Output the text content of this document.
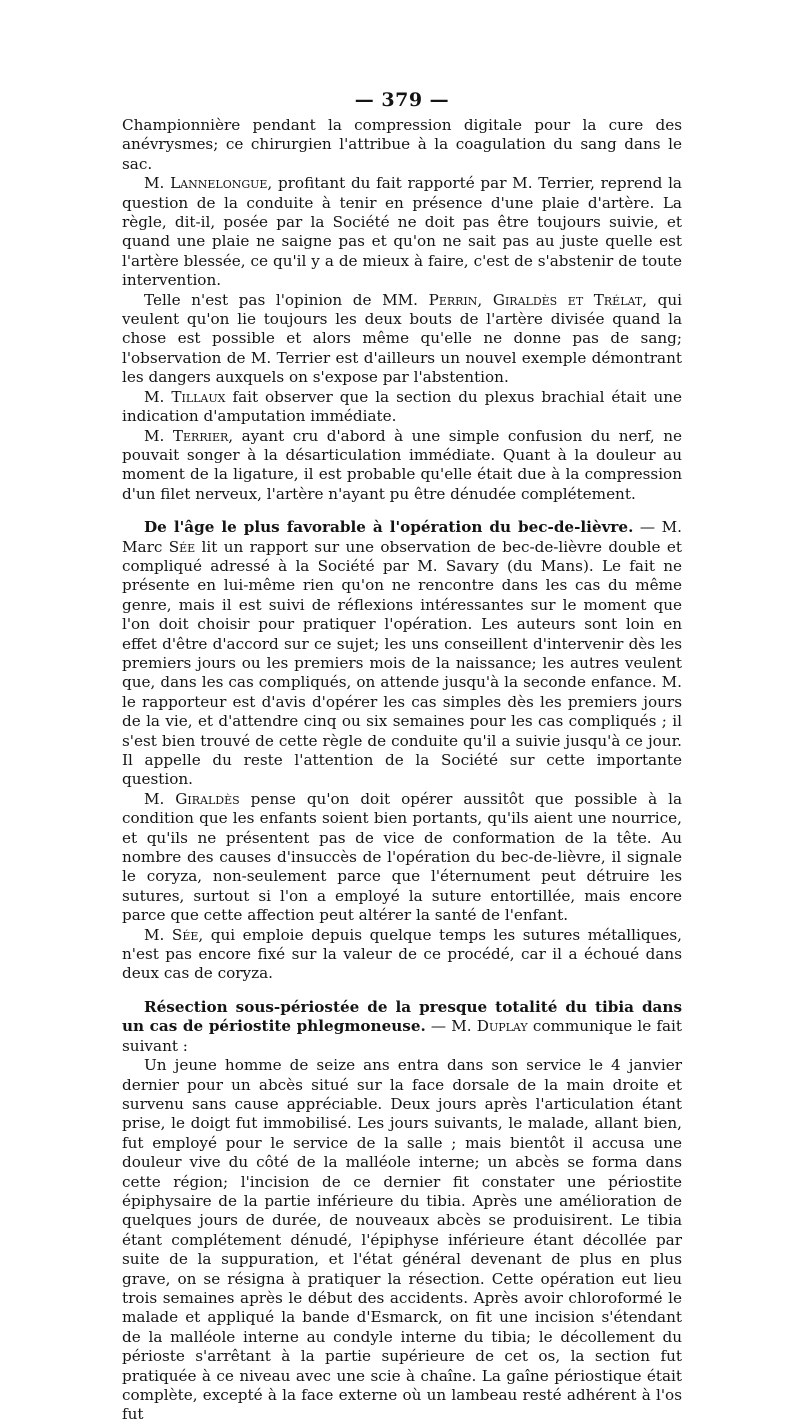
— 379 —

Championnière pendant la compression digitale pour la cure des anévrysmes; ce chirurgien l'attribue à la coagulation du sang dans le sac.

M. Lannelongue, profitant du fait rapporté par M. Terrier, reprend la question de la conduite à tenir en présence d'une plaie d'artère. La règle, dit-il, posée par la Société ne doit pas être toujours suivie, et quand une plaie ne saigne pas et qu'on ne sait pas au juste quelle est l'artère blessée, ce qu'il y a de mieux à faire, c'est de s'abstenir de toute intervention.

Telle n'est pas l'opinion de MM. Perrin, Giraldès et Trélat, qui veulent qu'on lie toujours les deux bouts de l'artère divisée quand la chose est possible et alors même qu'elle ne donne pas de sang; l'observation de M. Terrier est d'ailleurs un nouvel exemple démontrant les dangers auxquels on s'expose par l'abstention.

M. Tillaux fait observer que la section du plexus brachial était une indication d'amputation immédiate.

M. Terrier, ayant cru d'abord à une simple confusion du nerf, ne pouvait songer à la désarticulation immédiate. Quant à la douleur au moment de la ligature, il est probable qu'elle était due à la compression d'un filet nerveux, l'artère n'ayant pu être dénudée complétement.

De l'âge le plus favorable à l'opération du bec-de-lièvre. — M. Marc Sée lit un rapport sur une observation de bec-de-lièvre double et compliqué adressé à la Société par M. Savary (du Mans). Le fait ne présente en lui-même rien qu'on ne rencontre dans les cas du même genre, mais il est suivi de réflexions intéressantes sur le moment que l'on doit choisir pour pratiquer l'opération. Les auteurs sont loin en effet d'être d'accord sur ce sujet; les uns conseillent d'intervenir dès les premiers jours ou les premiers mois de la naissance; les autres veulent que, dans les cas compliqués, on attende jusqu'à la seconde enfance. M. le rapporteur est d'avis d'opérer les cas simples dès les premiers jours de la vie, et d'attendre cinq ou six semaines pour les cas compliqués ; il s'est bien trouvé de cette règle de conduite qu'il a suivie jusqu'à ce jour. Il appelle du reste l'attention de la Société sur cette importante question.

M. Giraldès pense qu'on doit opérer aussitôt que possible à la condition que les enfants soient bien portants, qu'ils aient une nourrice, et qu'ils ne présentent pas de vice de conformation de la tête. Au nombre des causes d'insuccès de l'opération du bec-de-lièvre, il signale le coryza, non-seulement parce que l'éternument peut détruire les sutures, surtout si l'on a employé la suture entortillée, mais encore parce que cette affection peut altérer la santé de l'enfant.

M. Sée, qui emploie depuis quelque temps les sutures métalliques, n'est pas encore fixé sur la valeur de ce procédé, car il a échoué dans deux cas de coryza.

Résection sous-périostée de la presque totalité du tibia dans un cas de périostite phlegmoneuse. — M. Duplay communique le fait suivant :

Un jeune homme de seize ans entra dans son service le 4 janvier dernier pour un abcès situé sur la face dorsale de la main droite et survenu sans cause appréciable. Deux jours après l'articulation étant prise, le doigt fut immobilisé. Les jours suivants, le malade, allant bien, fut employé pour le service de la salle ; mais bientôt il accusa une douleur vive du côté de la malléole interne; un abcès se forma dans cette région; l'incision de ce dernier fit constater une périostite épiphysaire de la partie inférieure du tibia. Après une amélioration de quelques jours de durée, de nouveaux abcès se produisirent. Le tibia étant complétement dénudé, l'épiphyse inférieure étant décollée par suite de la suppuration, et l'état général devenant de plus en plus grave, on se résigna à pratiquer la résection. Cette opération eut lieu trois semaines après le début des accidents. Après avoir chloroformé le malade et appliqué la bande d'Esmarck, on fit une incision s'étendant de la malléole interne au condyle interne du tibia; le décollement du périoste s'arrêtant à la partie supérieure de cet os, la section fut pratiquée à ce niveau avec une scie à chaîne. La gaîne périostique était complète, excepté à la face externe où un lambeau resté adhérent à l'os fut
